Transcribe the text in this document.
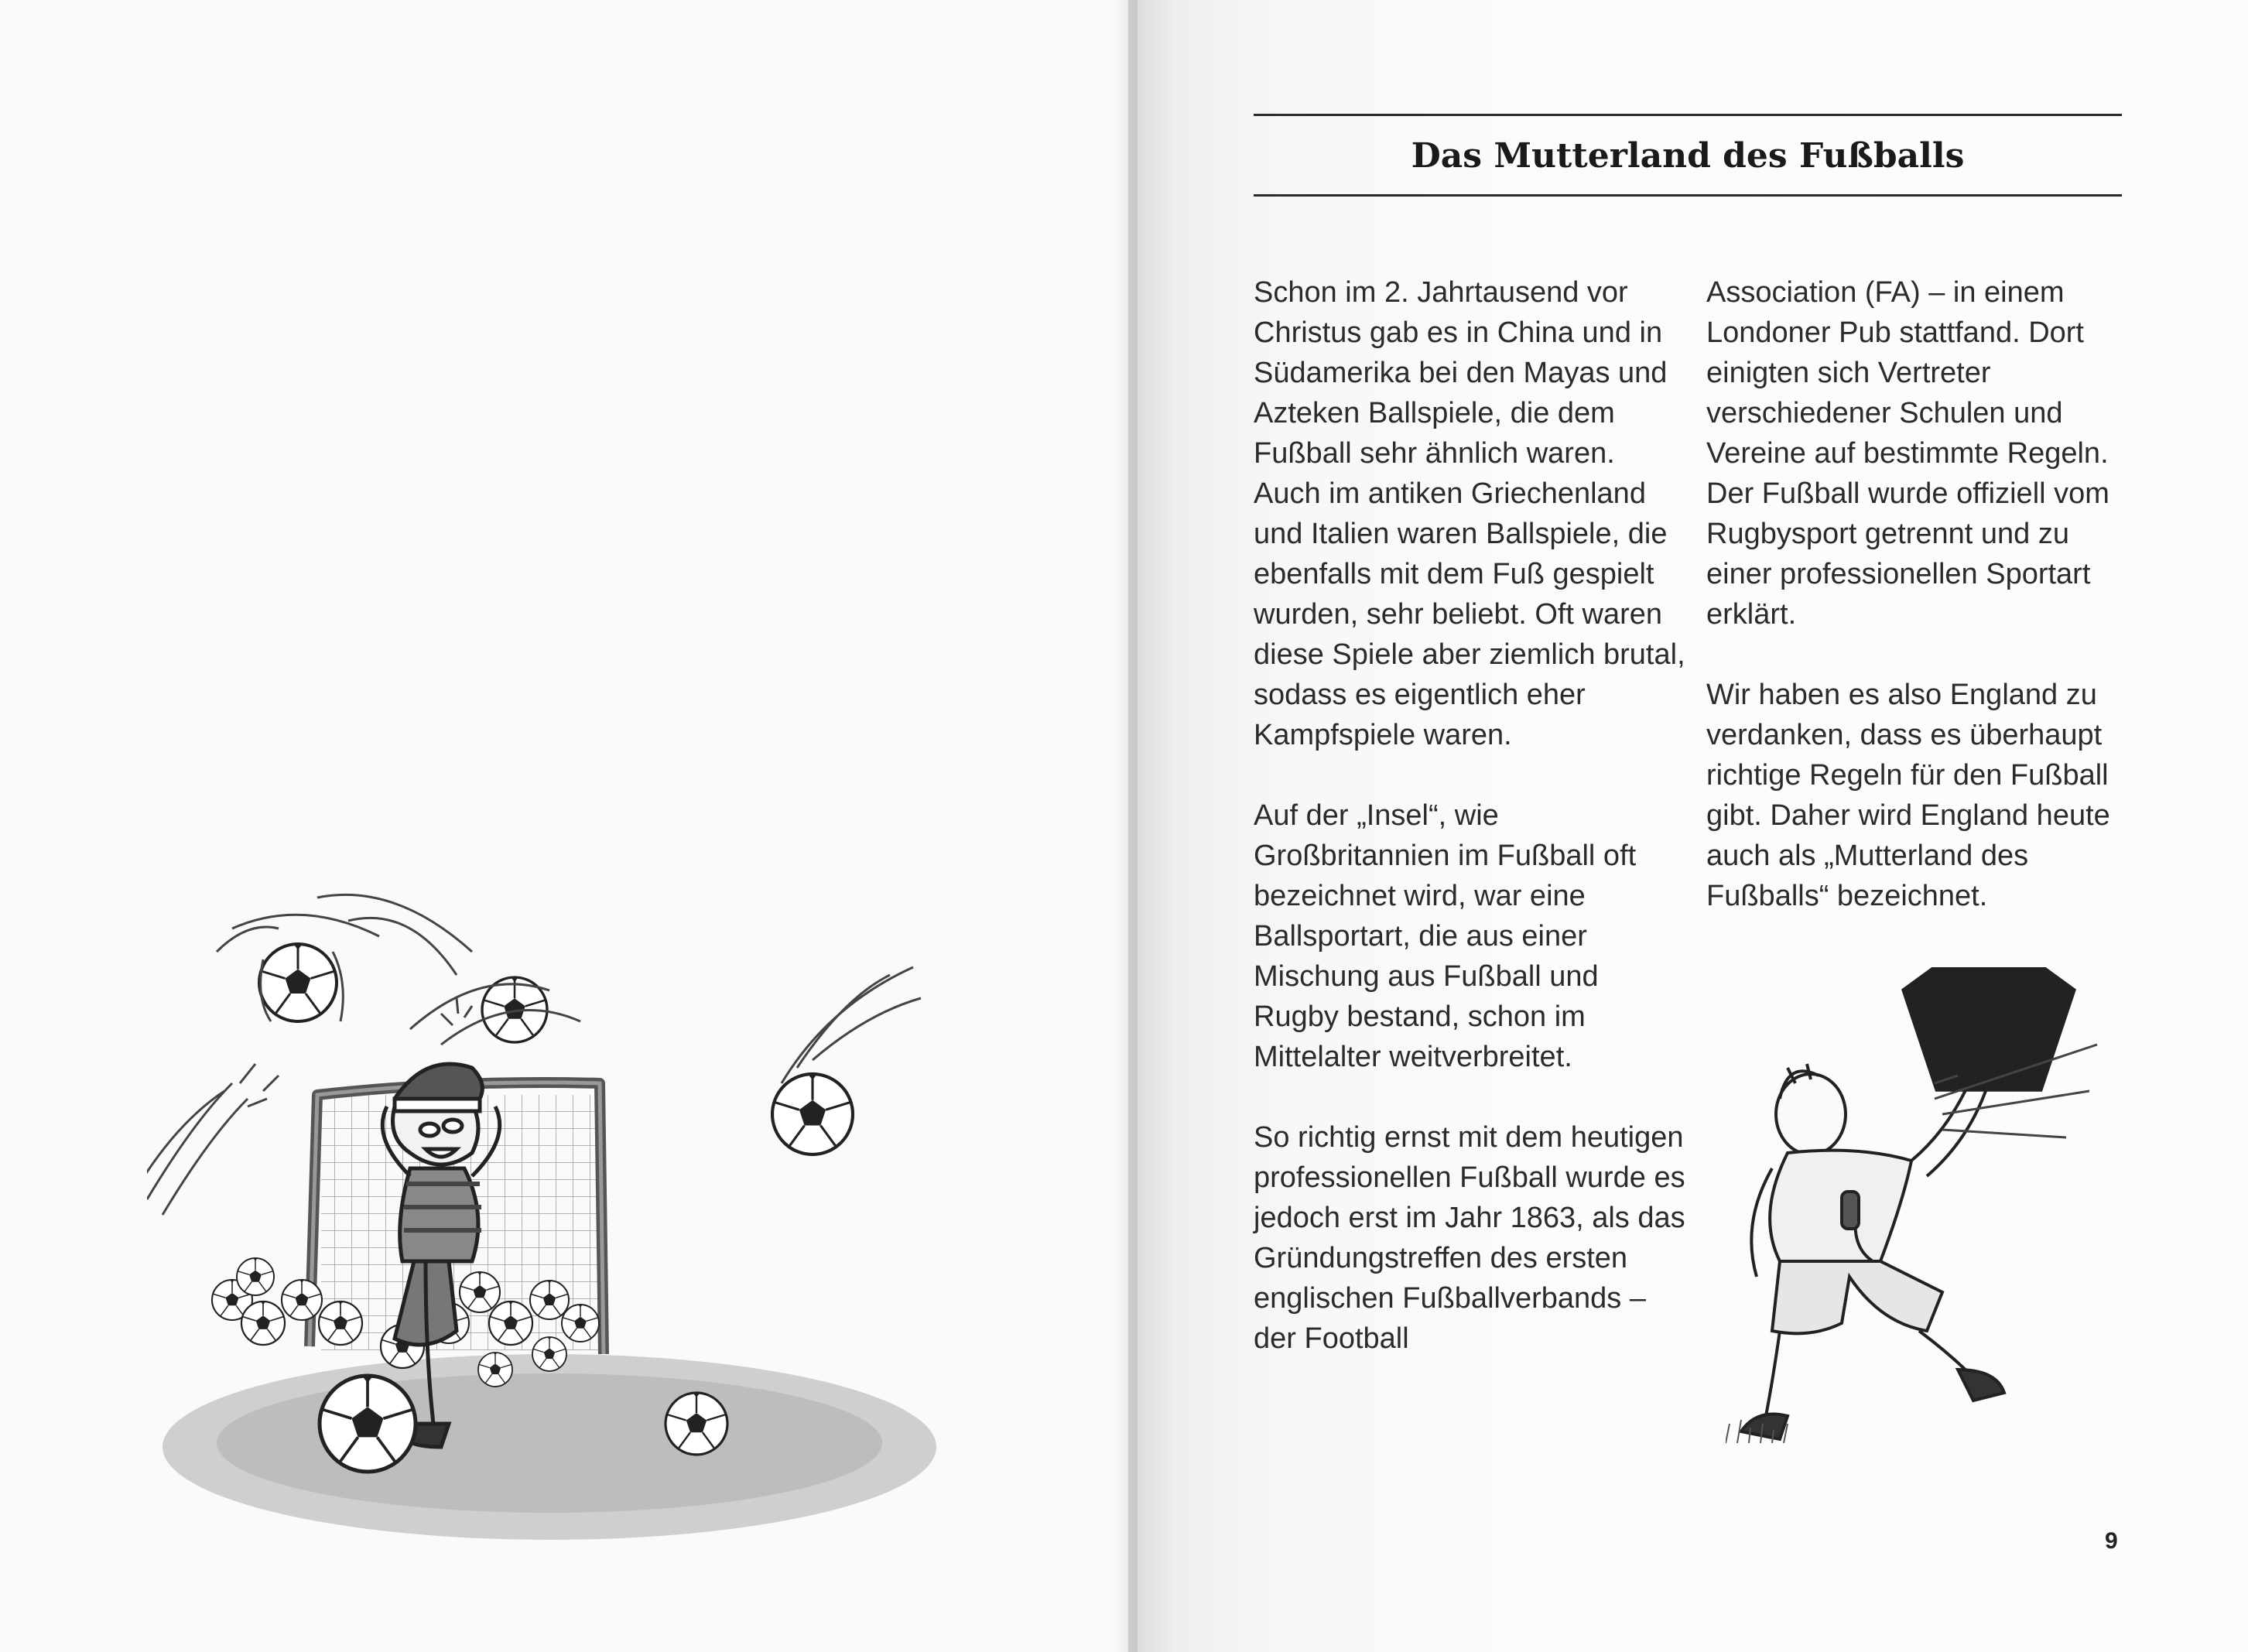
Das Mutterland des Fußballs

Schon im 2. Jahrtausend vor Christus gab es in China und in Südamerika bei den Mayas und Azteken Ballspiele, die dem Fußball sehr ähnlich waren. Auch im antiken Griechenland und Italien waren Ballspiele, die ebenfalls mit dem Fuß gespielt wurden, sehr beliebt. Oft waren diese Spiele aber ziemlich brutal, sodass es eigentlich eher Kampfspiele waren.

Auf der „Insel“, wie Großbritannien im Fußball oft bezeichnet wird, war eine Ballsportart, die aus einer Mischung aus Fußball und Rugby bestand, schon im Mittelalter weitverbreitet.

So richtig ernst mit dem heutigen professionellen Fußball wurde es jedoch erst im Jahr 1863, als das Gründungstreffen des ersten englischen Fußballverbands – der Football

Association (FA) – in einem Londoner Pub stattfand. Dort einigten sich Vertreter verschiedener Schulen und Vereine auf bestimmte Regeln. Der Fußball wurde offiziell vom Rugbysport getrennt und zu einer professionellen Sportart erklärt.

Wir haben es also England zu verdanken, dass es überhaupt richtige Regeln für den Fußball gibt. Daher wird England heute auch als „Mutterland des Fußballs“ bezeichnet.

9
